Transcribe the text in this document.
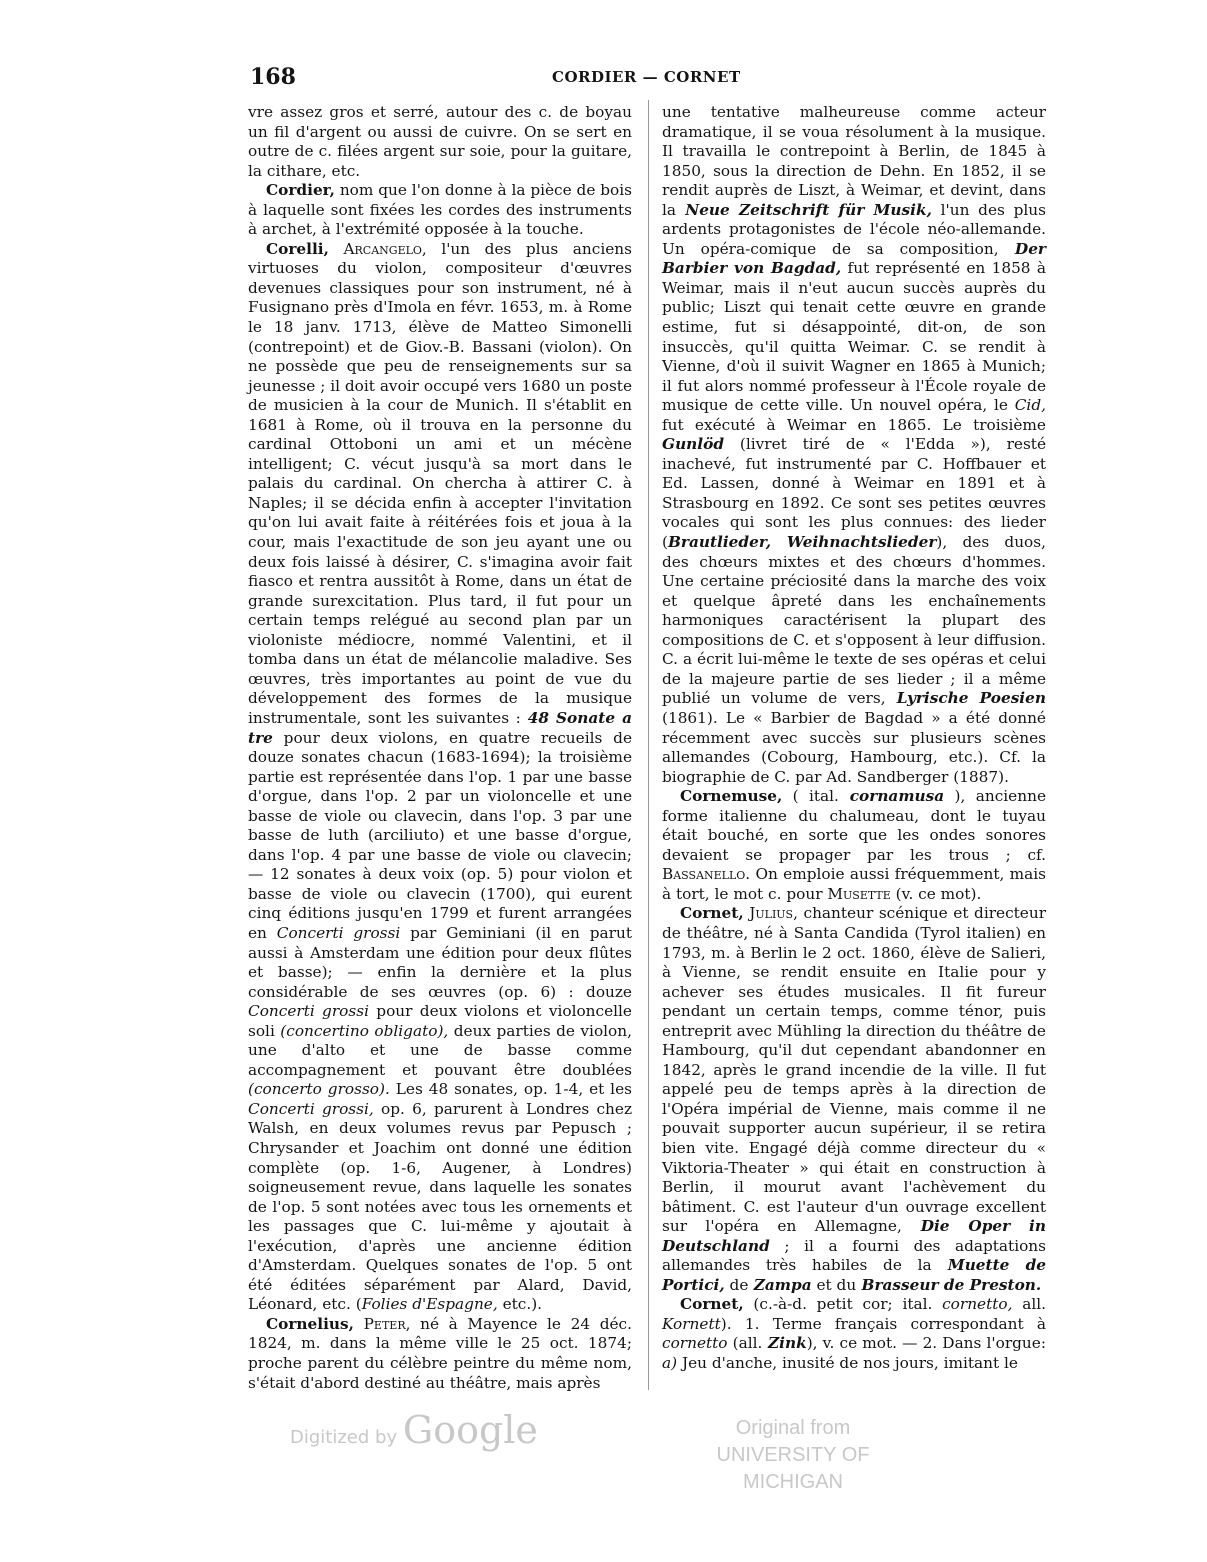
168	CORDIER — CORNET

vre assez gros et serré, autour des c. de boyau un fil d'argent ou aussi de cuivre. On se sert en outre de c. filées argent sur soie, pour la guitare, la cithare, etc.

Cordier, nom que l'on donne à la pièce de bois à laquelle sont fixées les cordes des instruments à archet, à l'extrémité opposée à la touche.

Corelli, Arcangelo, l'un des plus anciens virtuoses du violon, compositeur d'œuvres devenues classiques pour son instrument, né à Fusignano près d'Imola en févr. 1653, m. à Rome le 18 janv. 1713, élève de Matteo Simonelli (contrepoint) et de Giov.-B. Bassani (violon). On ne possède que peu de renseignements sur sa jeunesse ; il doit avoir occupé vers 1680 un poste de musicien à la cour de Munich. Il s'établit en 1681 à Rome, où il trouva en la personne du cardinal Ottoboni un ami et un mécène intelligent; C. vécut jusqu'à sa mort dans le palais du cardinal. On chercha à attirer C. à Naples; il se décida enfin à accepter l'invitation qu'on lui avait faite à réitérées fois et joua à la cour, mais l'exactitude de son jeu ayant une ou deux fois laissé à désirer, C. s'imagina avoir fait fiasco et rentra aussitôt à Rome, dans un état de grande surexcitation. Plus tard, il fut pour un certain temps relégué au second plan par un violoniste médiocre, nommé Valentini, et il tomba dans un état de mélancolie maladive. Ses œuvres, très importantes au point de vue du développement des formes de la musique instrumentale, sont les suivantes : 48 Sonate a tre pour deux violons, en quatre recueils de douze sonates chacun (1683-1694); la troisième partie est représentée dans l'op. 1 par une basse d'orgue, dans l'op. 2 par un violoncelle et une basse de viole ou clavecin, dans l'op. 3 par une basse de luth (arciliuto) et une basse d'orgue, dans l'op. 4 par une basse de viole ou clavecin; — 12 sonates à deux voix (op. 5) pour violon et basse de viole ou clavecin (1700), qui eurent cinq éditions jusqu'en 1799 et furent arrangées en Concerti grossi par Geminiani (il en parut aussi à Amsterdam une édition pour deux flûtes et basse); — enfin la dernière et la plus considérable de ses œuvres (op. 6) : douze Concerti grossi pour deux violons et violoncelle soli (concertino obligato), deux parties de violon, une d'alto et une de basse comme accompagnement et pouvant être doublées (concerto grosso). Les 48 sonates, op. 1-4, et les Concerti grossi, op. 6, parurent à Londres chez Walsh, en deux volumes revus par Pepusch ; Chrysander et Joachim ont donné une édition complète (op. 1-6, Augener, à Londres) soigneusement revue, dans laquelle les sonates de l'op. 5 sont notées avec tous les ornements et les passages que C. lui-même y ajoutait à l'exécution, d'après une ancienne édition d'Amsterdam. Quelques sonates de l'op. 5 ont été éditées séparément par Alard, David, Léonard, etc. (Folies d'Espagne, etc.).

Cornelius, Peter, né à Mayence le 24 déc. 1824, m. dans la même ville le 25 oct. 1874; proche parent du célèbre peintre du même nom, s'était d'abord destiné au théâtre, mais après

une tentative malheureuse comme acteur dramatique, il se voua résolument à la musique. Il travailla le contrepoint à Berlin, de 1845 à 1850, sous la direction de Dehn. En 1852, il se rendit auprès de Liszt, à Weimar, et devint, dans la Neue Zeitschrift für Musik, l'un des plus ardents protagonistes de l'école néo-allemande. Un opéra-comique de sa composition, Der Barbier von Bagdad, fut représenté en 1858 à Weimar, mais il n'eut aucun succès auprès du public; Liszt qui tenait cette œuvre en grande estime, fut si désappointé, dit-on, de son insuccès, qu'il quitta Weimar. C. se rendit à Vienne, d'où il suivit Wagner en 1865 à Munich; il fut alors nommé professeur à l'École royale de musique de cette ville. Un nouvel opéra, le Cid, fut exécuté à Weimar en 1865. Le troisième Gunlöd (livret tiré de « l'Edda »), resté inachevé, fut instrumenté par C. Hoffbauer et Ed. Lassen, donné à Weimar en 1891 et à Strasbourg en 1892. Ce sont ses petites œuvres vocales qui sont les plus connues: des lieder (Brautlieder, Weihnachtslieder), des duos, des chœurs mixtes et des chœurs d'hommes. Une certaine préciosité dans la marche des voix et quelque âpreté dans les enchaînements harmoniques caractérisent la plupart des compositions de C. et s'opposent à leur diffusion. C. a écrit lui-même le texte de ses opéras et celui de la majeure partie de ses lieder ; il a même publié un volume de vers, Lyrische Poesien (1861). Le « Barbier de Bagdad » a été donné récemment avec succès sur plusieurs scènes allemandes (Cobourg, Hambourg, etc.). Cf. la biographie de C. par Ad. Sandberger (1887).

Cornemuse, ( ital. cornamusa ), ancienne forme italienne du chalumeau, dont le tuyau était bouché, en sorte que les ondes sonores devaient se propager par les trous ; cf. Bassanello. On emploie aussi fréquemment, mais à tort, le mot c. pour Musette (v. ce mot).

Cornet, Julius, chanteur scénique et directeur de théâtre, né à Santa Candida (Tyrol italien) en 1793, m. à Berlin le 2 oct. 1860, élève de Salieri, à Vienne, se rendit ensuite en Italie pour y achever ses études musicales. Il fit fureur pendant un certain temps, comme ténor, puis entreprit avec Mühling la direction du théâtre de Hambourg, qu'il dut cependant abandonner en 1842, après le grand incendie de la ville. Il fut appelé peu de temps après à la direction de l'Opéra impérial de Vienne, mais comme il ne pouvait supporter aucun supérieur, il se retira bien vite. Engagé déjà comme directeur du « Viktoria-Theater » qui était en construction à Berlin, il mourut avant l'achèvement du bâtiment. C. est l'auteur d'un ouvrage excellent sur l'opéra en Allemagne, Die Oper in Deutschland ; il a fourni des adaptations allemandes très habiles de la Muette de Portici, de Zampa et du Brasseur de Preston.

Cornet, (c.-à-d. petit cor; ital. cornetto, all. Kornett). 1. Terme français correspondant à cornetto (all. Zink), v. ce mot. — 2. Dans l'orgue: a) Jeu d'anche, inusité de nos jours, imitant le

Digitized by Google	Original from
UNIVERSITY OF MICHIGAN
